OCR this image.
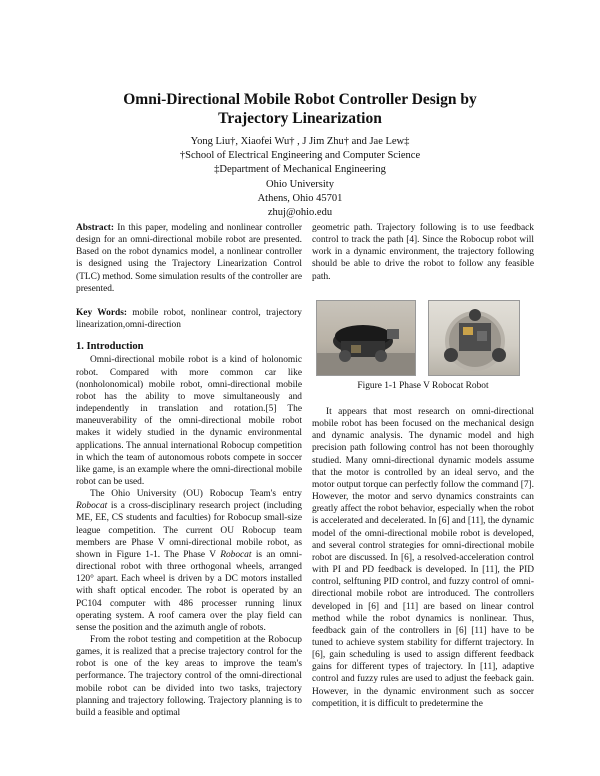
Omni-Directional Mobile Robot Controller Design by
Trajectory Linearization
Yong Liu†, Xiaofei Wu† , J Jim Zhu† and Jae Lew‡
†School of Electrical Engineering and Computer Science
‡Department of Mechanical Engineering
Ohio University
Athens, Ohio 45701
zhuj@ohio.edu

Abstract: In this paper, modeling and nonlinear controller design for an omni-directional mobile robot are presented. Based on the robot dynamics model, a nonlinear controller is designed using the Trajectory Linearization Control (TLC) method. Some simulation results of the controller are presented.

Key Words: mobile robot, nonlinear control, trajectory linearization,omni-direction

1. Introduction

Omni-directional mobile robot is a kind of holonomic robot. Compared with more common car like (nonholonomical) mobile robot, omni-directional mobile robot has the ability to move simultaneously and independently in translation and rotation.[5] The maneuverability of the omni-directional mobile robot makes it widely studied in the dynamic environmental applications. The annual international Robocup competition in which the team of autonomous robots compete in soccer like game, is an example where the omni-directional mobile robot can be used.

The Ohio University (OU) Robocup Team's entry Robocat is a cross-disciplinary research project (including ME, EE, CS students and faculties) for Robocup small-size league competition. The current OU Robocup team members are Phase V omni-directional mobile robot, as shown in Figure 1-1. The Phase V Robocat is an omni-directional robot with three orthogonal wheels, arranged 120° apart. Each wheel is driven by a DC motors installed with shaft optical encoder. The robot is operated by an PC104 computer with 486 processer running linux operating system. A roof camera over the play field can sense the position and the azimuth angle of robots.

From the robot testing and competition at the Robocup games, it is realized that a precise trajectory control for the robot is one of the key areas to improve the team's performance. The trajectory control of the omni-directional mobile robot can be divided into two tasks, trajectory planning and trajectory following. Trajectory planning is to build a feasible and optimal

geometric path. Trajectory following is to use feedback control to track the path [4]. Since the Robocup robot will work in a dynamic environment, the trajectory following should be able to drive the robot to follow any feasible path.

Figure 1-1 Phase V Robocat Robot

It appears that most research on omni-directional mobile robot has been focused on the mechanical design and dynamic analysis. The dynamic model and high precision path following control has not been thoroughly studied. Many omni-directional dynamic models assume that the motor is controlled by an ideal servo, and the motor output torque can perfectly follow the command [7]. However, the motor and servo dynamics constraints can greatly affect the robot behavior, especially when the robot is accelerated and decelerated. In [6] and [11], the dynamic model of the omni-directional mobile robot is developed, and several control strategies for omni-directional mobile robot are discussed. In [6], a resolved-acceleration control with PI and PD feedback is developed. In [11], the PID control, selftuning PID control, and fuzzy control of omni-directional mobile robot are introduced. The controllers developed in [6] and [11] are based on linear control method while the robot dynamics is nonlinear. Thus, feedback gain of the controllers in [6] [11] have to be tuned to achieve system stability for differnt trajectory. In [6], gain scheduling is used to assign different feedback gains for different types of trajectory. In [11], adaptive control and fuzzy rules are used to adjust the feeback gain. However, in the dynamic environment such as soccer competition, it is difficult to predetermine the
